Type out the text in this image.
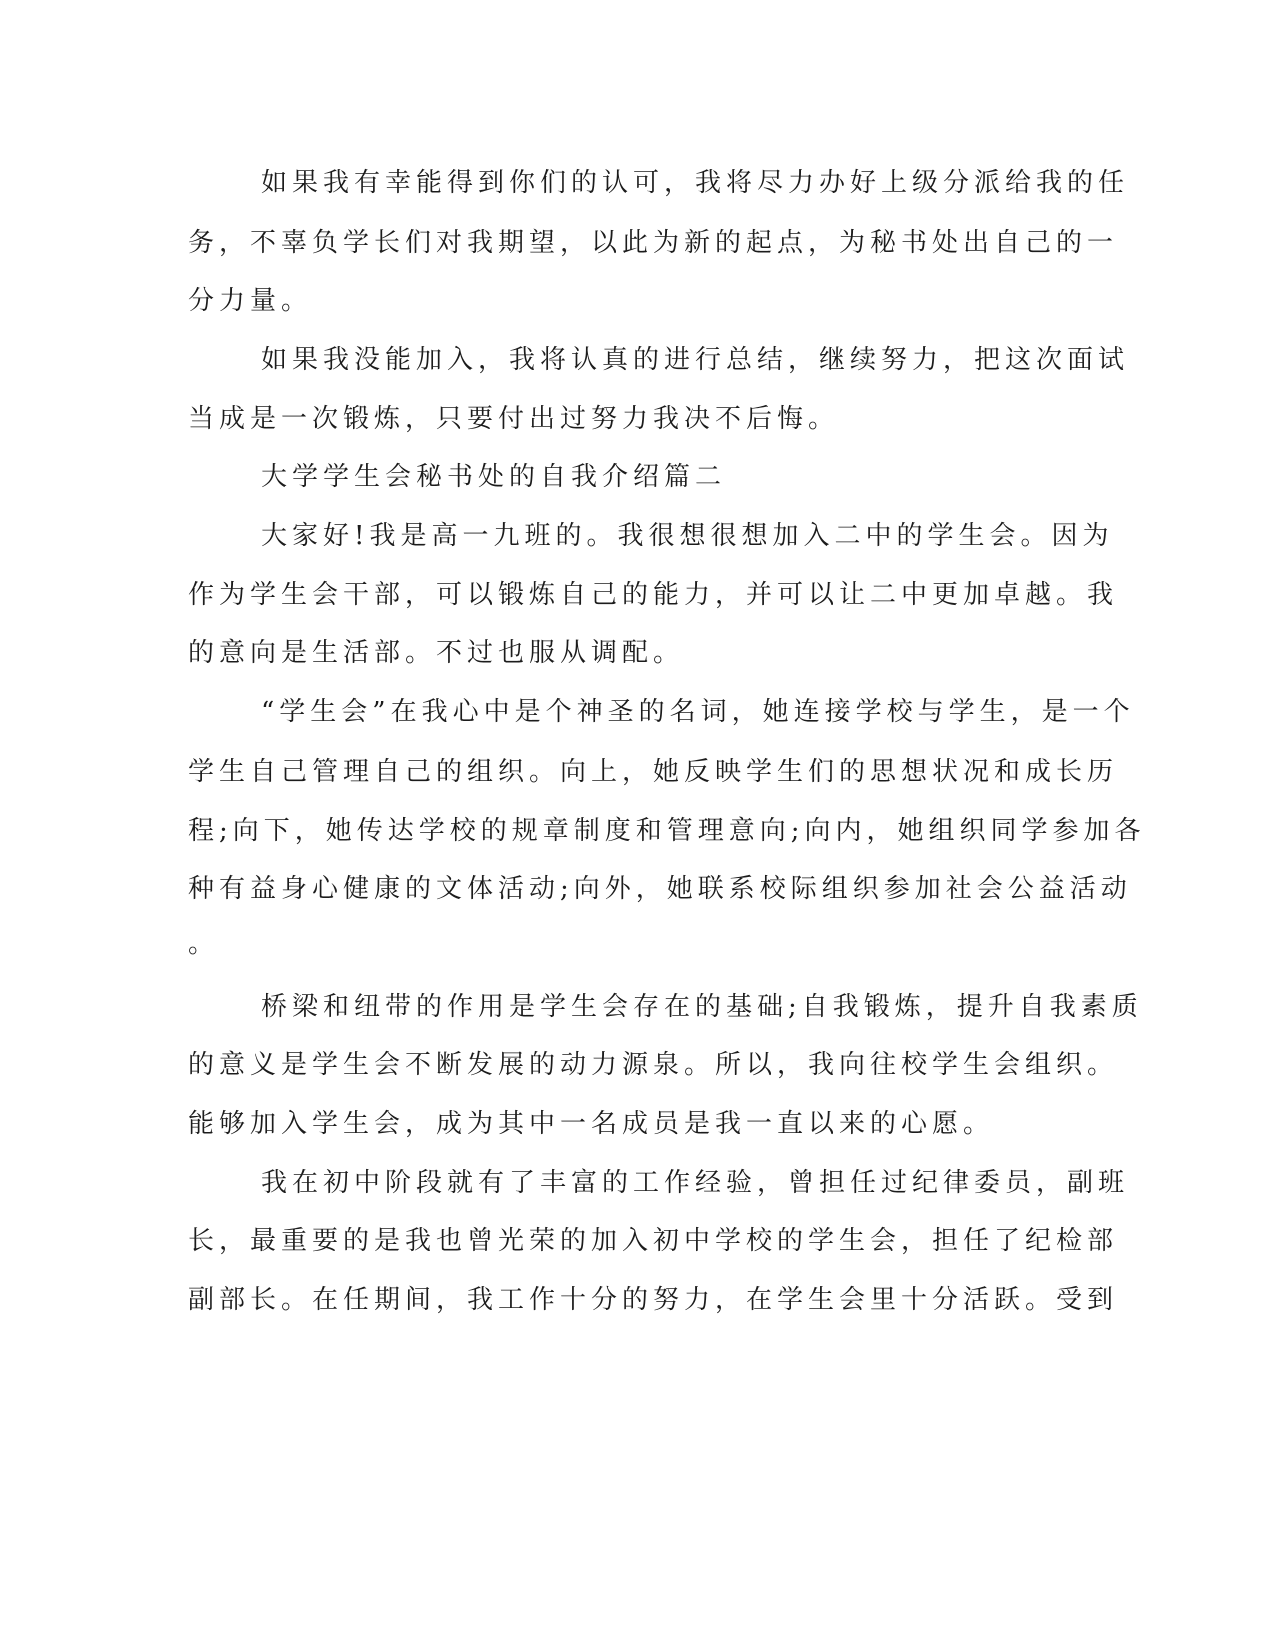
如果我有幸能得到你们的认可，我将尽力办好上级分派给我的任

务，不辜负学长们对我期望，以此为新的起点，为秘书处出自己的一

分力量。

如果我没能加入，我将认真的进行总结，继续努力，把这次面试

当成是一次锻炼，只要付出过努力我决不后悔。

大学学生会秘书处的自我介绍篇二

大家好!我是高一九班的。我很想很想加入二中的学生会。因为

作为学生会干部，可以锻炼自己的能力，并可以让二中更加卓越。我

的意向是生活部。不过也服从调配。

“学生会”在我心中是个神圣的名词，她连接学校与学生，是一个

学生自己管理自己的组织。向上，她反映学生们的思想状况和成长历

程;向下，她传达学校的规章制度和管理意向;向内，她组织同学参加各

种有益身心健康的文体活动;向外，她联系校际组织参加社会公益活动

。

桥梁和纽带的作用是学生会存在的基础;自我锻炼，提升自我素质

的意义是学生会不断发展的动力源泉。所以，我向往校学生会组织。

能够加入学生会，成为其中一名成员是我一直以来的心愿。

我在初中阶段就有了丰富的工作经验，曾担任过纪律委员，副班

长，最重要的是我也曾光荣的加入初中学校的学生会，担任了纪检部

副部长。在任期间，我工作十分的努力，在学生会里十分活跃。受到
